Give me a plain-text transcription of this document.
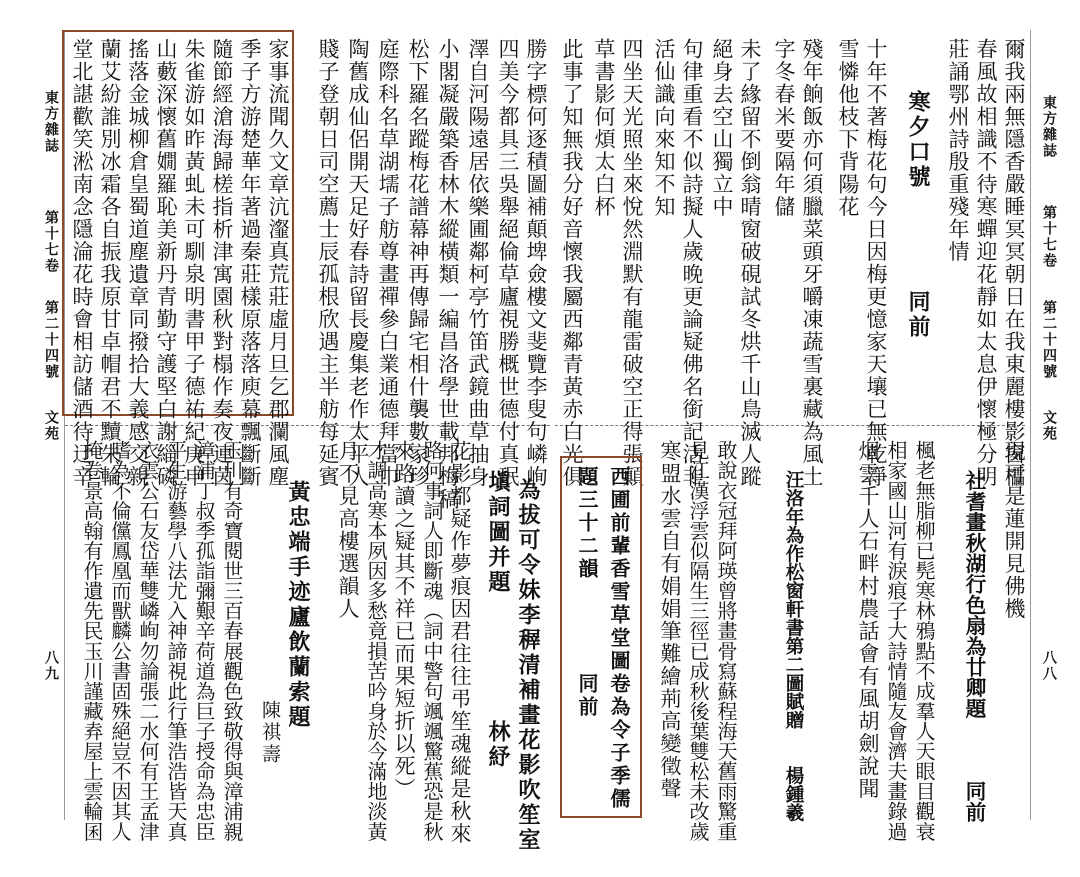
東方雜誌
第十七卷
第二十四號
文苑
八九
東方雜誌
第十七卷
第二十四號
文苑
八八
爾我兩無隱香嚴睡冥冥朝日在我東麗樓影窗櫺
春風故相識不待寒蟬迎花靜如太息伊懷極分明
莊誦鄂州詩殷重殘年情
寒夕口號　　　　同前
十年不著梅花句今日因梅更憶家天壤已無乾淨
雪憐他枝下背陽花
殘年餉飯亦何須臘菜頭牙嚼凍蔬雪裏藏為風土
字冬春米要隔年儲
未了緣留不倒翁晴窗破硯試冬烘千山鳥滅人蹤
絕身去空山獨立中
句律重看不似詩擬人歲晚更論疑佛名銜記活非
活仙識向來知不知
四坐天光照坐來悅然淵默有龍雷破空正得張顛
草書影何煩太白杯
此事了知無我分好音懷我屬西鄰青黃赤白光俱
現可是蓮開見佛機
社耆畫秋湖行色扇為廿卿題　　　同前
楓老無脂柳已髡寒林鴉點不成羣人天眼目觀衰
相家國山河有淚痕子大詩情隨友會濟夫畫錄過
烟雲千人石畔村農話會有風胡劍說聞
汪洛年為作松窗軒書第二圖賦贈　　楊鍾羲
敢說衣冠拜阿瑛曾將畫骨寫蘇程海天舊雨驚重
見江漢浮雲似隔生三徑已成秋後葉雙松未改歲
寒盟水雲自有娟娟筆難繪荊高變徵聲
西圃前輩香雪草堂圖卷為令子季儒
題三十二韻　　　　同前
勝字標何逐積圖補顛埤僉樓文斐覽李叟句嶙峋
四美今都具三吳舉絕倫草廬視勝概世德付真珉
澤自河陽遠居依樂圃鄰柯亭竹笛武鏡曲草抽身
小閣凝嚴築香林木縱橫類一編昌洛學世載邦梅稿
松下羅名蹤梅花譜幕神再傳歸宅相什襲數家珍
庭際科名草湖壖子舫尊畫禪參白業通德拜當巾
陶舊成仙侶開天足好春詩留長慶集老作太平人
賤子登朝日司空薦士辰孤根欣遇主半舫每延賓
家事流聞久文章沆瀣真荒莊虛月旦乞郡瀾風塵
季子方游楚華年著過秦莊樣原落落庾幕飄斷斷
隨節經滄海歸槎指析津寓園秋對榻作奏夜連茵
朱雀游如昨黃虬未可馴泉明書甲子德祐紀庚申
山藪深懷舊嫺羅恥美新丹青勤守護堅白謝緇磷
搖落金城柳倉皇蜀道塵遺章同撥拾大義感交親
蘭艾紛誰別冰霜各自振我原甘卓帽君不黷朱輪
堂北諶歡笑淞南念隱淪花時會相訪儲酒待迂辛
為拔可令妹李稺清補畫花影吹笙室
塡詞圖并題　　　　　林紓
花影都疑作夢痕因君往往弔笙魂縱是秋來
路何事詞人即斷魂（詞中警句颯颯驚蕉恐是秋
來路讀之疑其不祥已而果短折以死）
才調高寒本夙因多愁竟損苦吟身於今滿地淡黃
月不見高樓選韻人
黃忠端手迹廬飲蘭索題
陳祺壽
玉川有奇寶閱世三百春展觀色致敬得與漳浦親
漳浦丁叔季孤詣彌艱辛荷道為巨子授命為忠臣
平生游藝學八法尤入神諦視此行筆浩浩皆天真
衣雲公石友岱華雙嶙峋勿論張二水何有王孟津
嗜為不倫儻鳳凰而獸麟公書固殊絕豈不因其人
掩卷景高翰有作遺先民玉川謹藏弆屋上雲輪囷
